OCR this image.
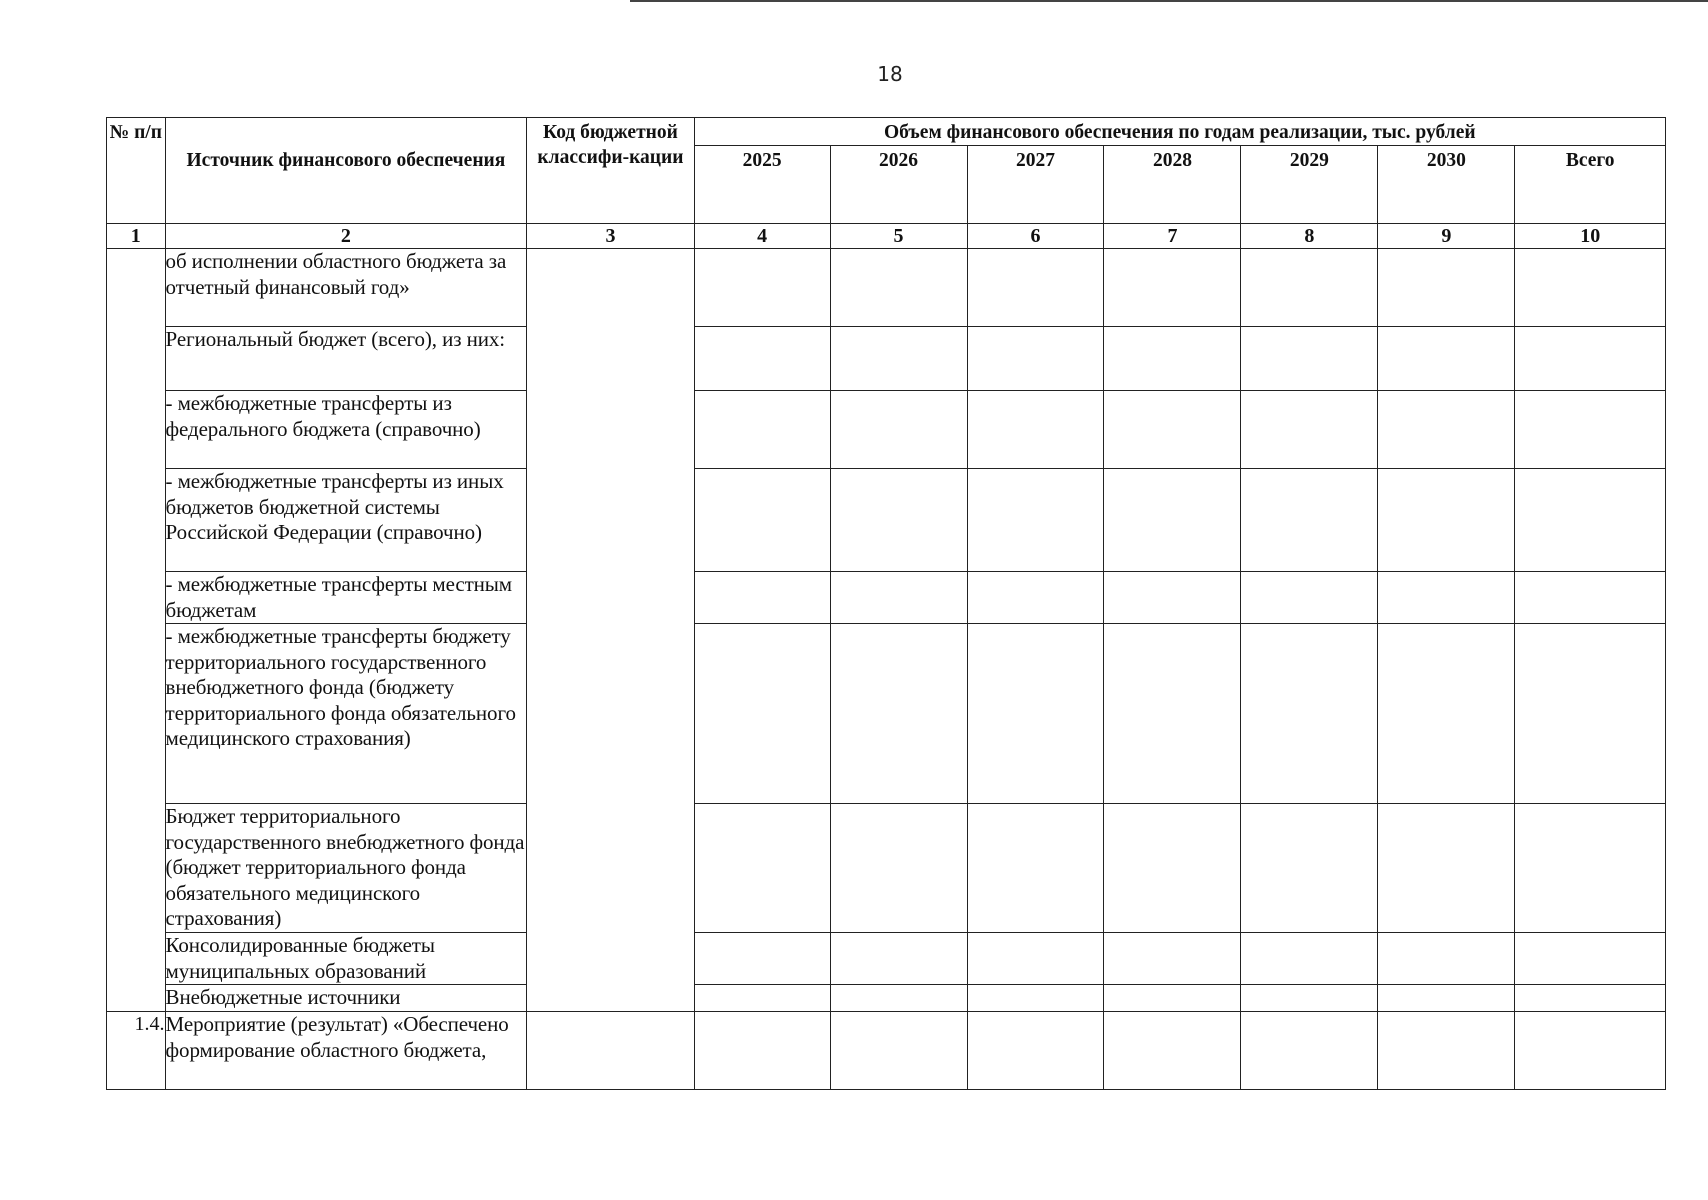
18
№ п/п	Источник финансового обеспечения	Код бюджетной классифи-кации	Объем финансового обеспечения по годам реализации, тыс. рублей						
			2025	2026	2027	2028	2029	2030	Всего
1	2	3	4	5	6	7	8	9	10
	об исполнении областного бюджета за отчетный финансовый год»								
	Региональный бюджет (всего), из них:								
	- межбюджетные трансферты из федерального бюджета (справочно)								
	- межбюджетные трансферты из иных бюджетов бюджетной системы Российской Федерации (справочно)								
	- межбюджетные трансферты местным бюджетам								
	- межбюджетные трансферты бюджету территориального государственного внебюджетного фонда (бюджету территориального фонда обязательного медицинского страхования)								
	Бюджет территориального государственного внебюджетного фонда (бюджет территориального фонда обязательного медицинского страхования)								
	Консолидированные бюджеты муниципальных образований								
	Внебюджетные источники								
1.4.	Мероприятие (результат) «Обеспечено формирование областного бюджета,								
